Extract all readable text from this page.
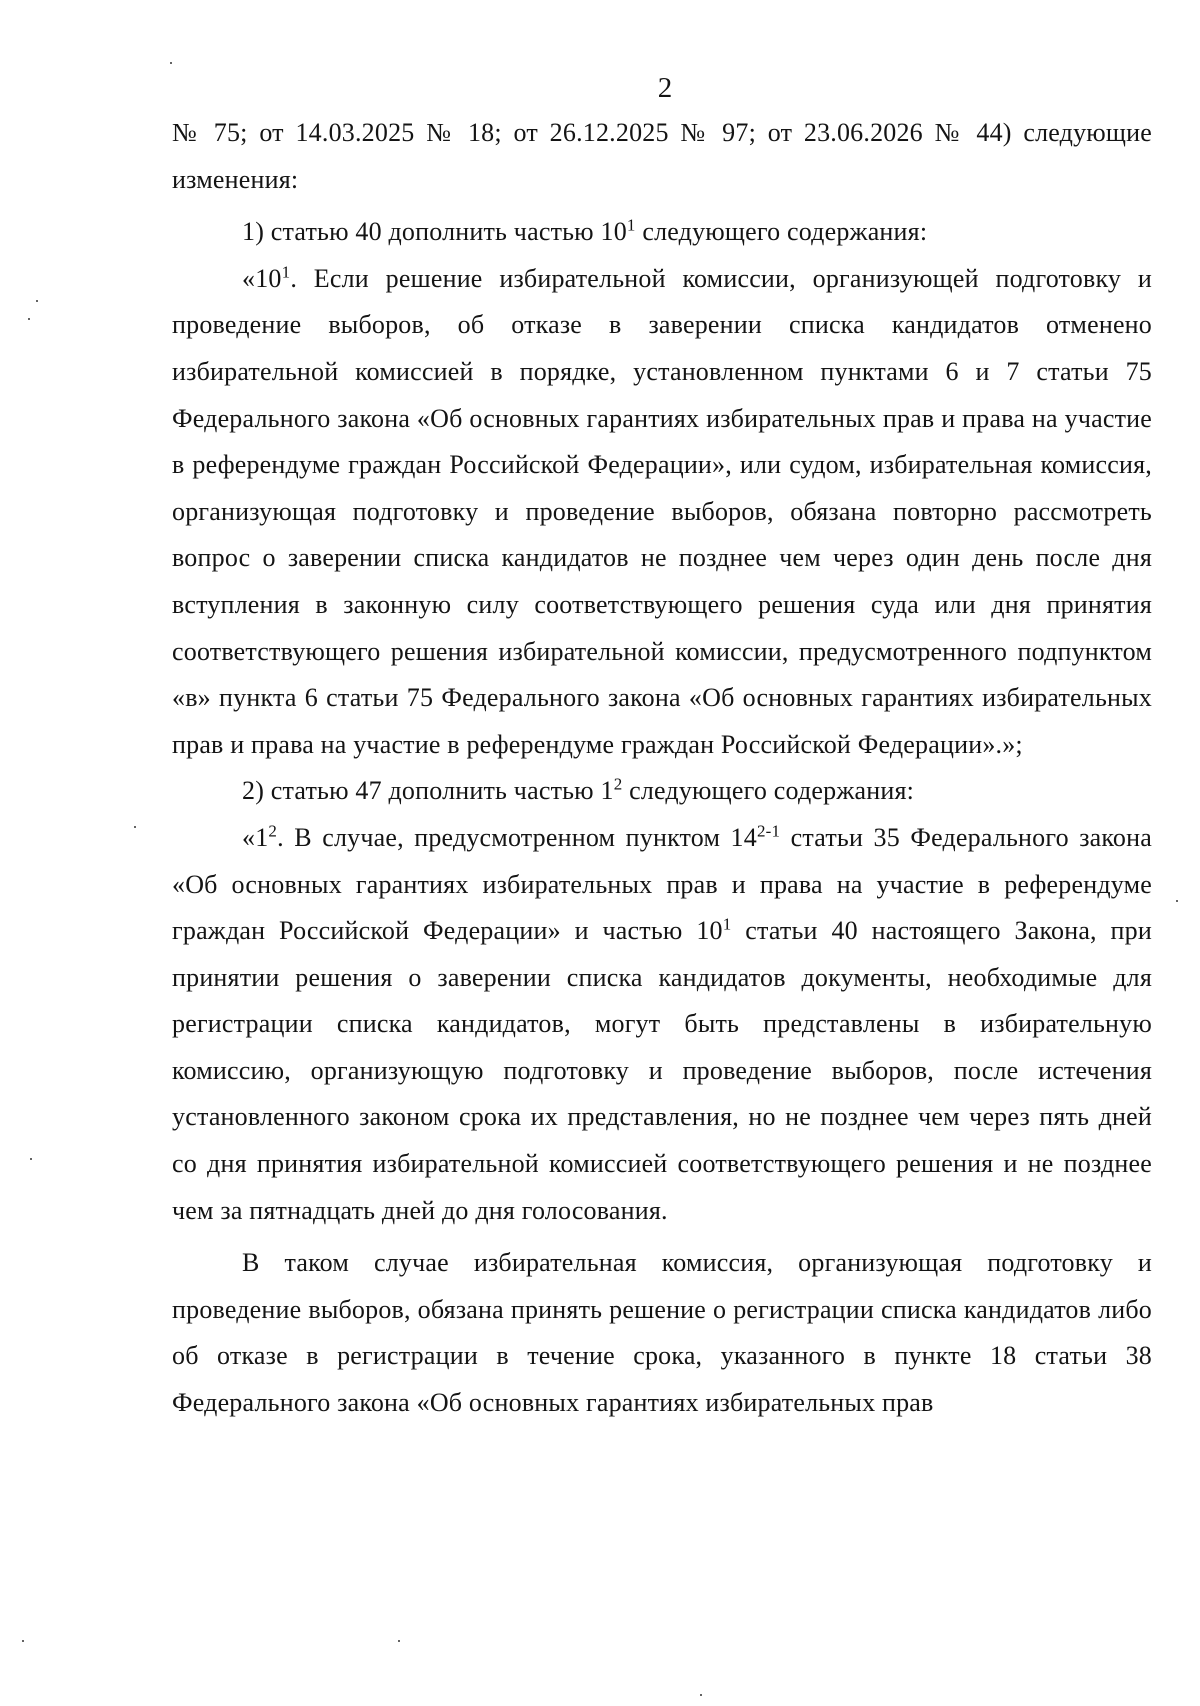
2

№ 75; от 14.03.2025 № 18; от 26.12.2025 № 97; от 23.06.2026 № 44) следующие изменения:

1) статью 40 дополнить частью $10^1$ следующего содержания:

«$10^1$. Если решение избирательной комиссии, организующей подготовку и проведение выборов, об отказе в заверении списка кандидатов отменено избирательной комиссией в порядке, установленном пунктами 6 и 7 статьи 75 Федерального закона «Об основных гарантиях избирательных прав и права на участие в референдуме граждан Российской Федерации», или судом, избирательная комиссия, организующая подготовку и проведение выборов, обязана повторно рассмотреть вопрос о заверении списка кандидатов не позднее чем через один день после дня вступления в законную силу соответствующего решения суда или дня принятия соответствующего решения избирательной комиссии, предусмотренного подпунктом «в» пункта 6 статьи 75 Федерального закона «Об основных гарантиях избирательных прав и права на участие в референдуме граждан Российской Федерации».»;

2) статью 47 дополнить частью $1^2$ следующего содержания:

«$1^2$. В случае, предусмотренном пунктом 14$^{2-1}$ статьи 35 Федерального закона «Об основных гарантиях избирательных прав и права на участие в референдуме граждан Российской Федерации» и частью $10^1$ статьи 40 настоящего Закона, при принятии решения о заверении списка кандидатов документы, необходимые для регистрации списка кандидатов, могут быть представлены в избирательную комиссию, организующую подготовку и проведение выборов, после истечения установленного законом срока их представления, но не позднее чем через пять дней со дня принятия избирательной комиссией соответствующего решения и не позднее чем за пятнадцать дней до дня голосования.

В таком случае избирательная комиссия, организующая подготовку и проведение выборов, обязана принять решение о регистрации списка кандидатов либо об отказе в регистрации в течение срока, указанного в пункте 18 статьи 38 Федерального закона «Об основных гарантиях избирательных прав
